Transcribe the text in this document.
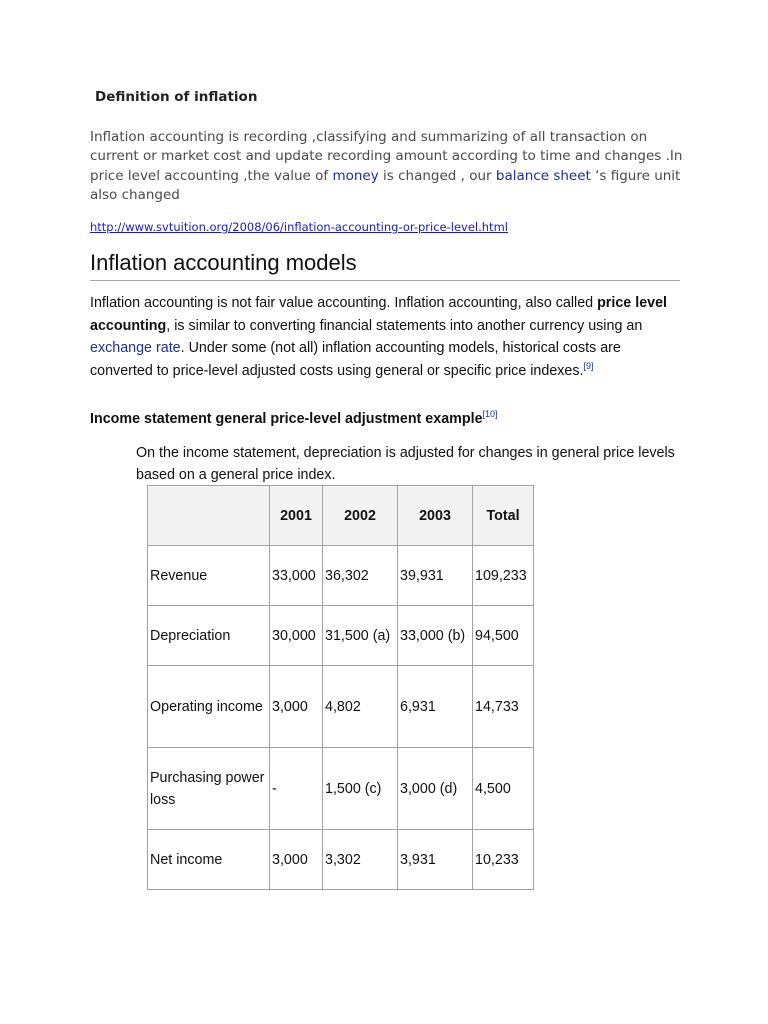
Definition of inflation

Inflation accounting is recording ,classifying and summarizing of all transaction on current or market cost and update recording amount according to time and changes .In price level accounting ,the value of money is changed , our balance sheet ‘s figure unit also changed

http://www.svtuition.org/2008/06/inflation-accounting-or-price-level.html
Inflation accounting models

Inflation accounting is not fair value accounting. Inflation accounting, also called price level accounting, is similar to converting financial statements into another currency using an exchange rate. Under some (not all) inflation accounting models, historical costs are converted to price-level adjusted costs using general or specific price indexes.[9]

Income statement general price-level adjustment example[10]

On the income statement, depreciation is adjusted for changes in general price levels based on a general price index.

	2001	2002	2003	Total
Revenue	33,000	36,302	39,931	109,233
Depreciation	30,000	31,500 (a)	33,000 (b)	94,500
Operating income	3,000	4,802	6,931	14,733
Purchasing power loss	-	1,500 (c)	3,000 (d)	4,500
Net income	3,000	3,302	3,931	10,233
